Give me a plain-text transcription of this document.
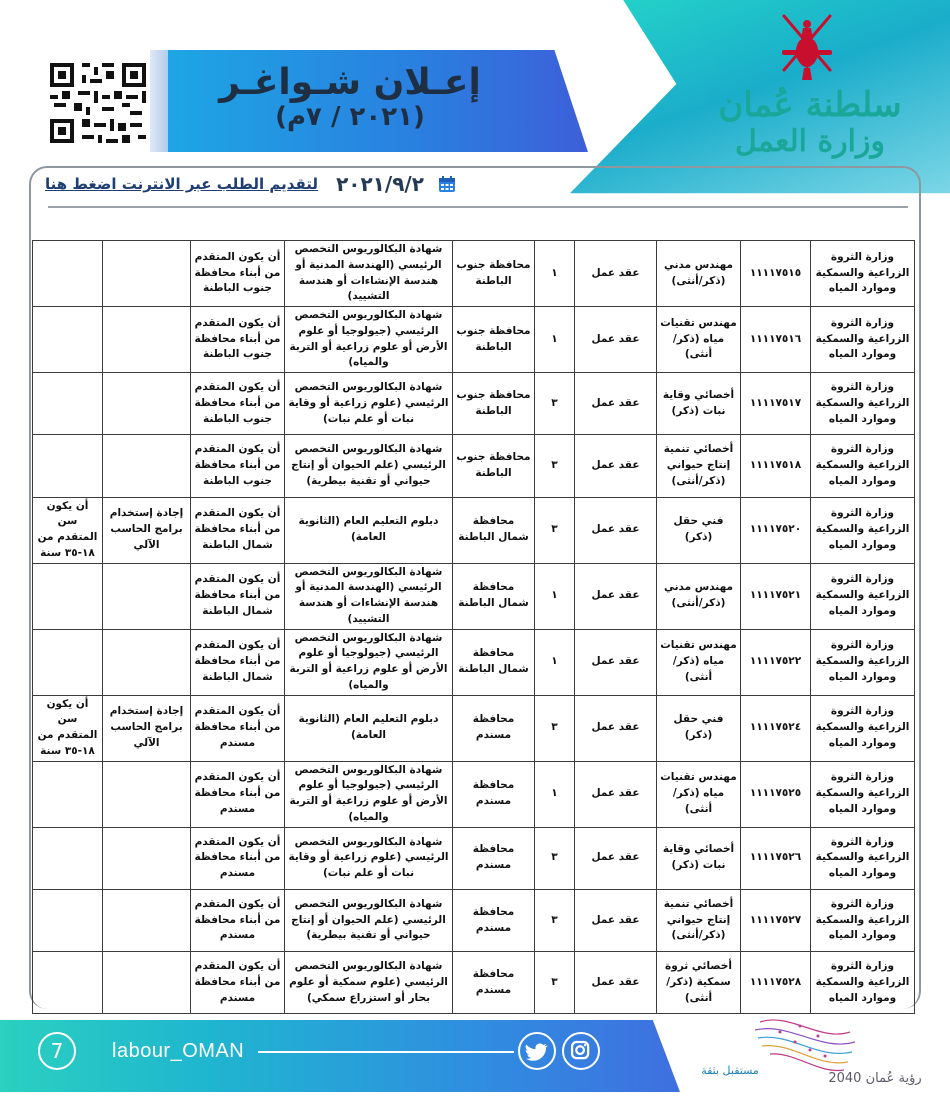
إعـلان شـواغـر
(٢٠٢١ / ٧م)	سلطنة عُمان
وزارة العمل
٢٠٢١/٩/٢
لتقديم الطلب عبر الانترنت اضغط هنا
وزارة الثروة الزراعية والسمكية وموارد المياه	١١١١٧٥١٥	مهندس مدني (ذكر/أنثى)	عقد عمل	١	محافظة جنوب الباطنة	شهادة البكالوريوس التخصص الرئيسي (الهندسة المدنية أو هندسة الإنشاءات أو هندسة التشييد)	أن يكون المتقدم من أبناء محافظة جنوب الباطنة		
وزارة الثروة الزراعية والسمكية وموارد المياه	١١١١٧٥١٦	مهندس تقنيات مياه (ذكر/أنثى)	عقد عمل	١	محافظة جنوب الباطنة	شهادة البكالوريوس التخصص الرئيسي (جيولوجيا أو علوم الأرض أو علوم زراعية أو التربة والمياه)	أن يكون المتقدم من أبناء محافظة جنوب الباطنة		
وزارة الثروة الزراعية والسمكية وموارد المياه	١١١١٧٥١٧	أخصائي وقاية نبات (ذكر)	عقد عمل	٣	محافظة جنوب الباطنة	شهادة البكالوريوس التخصص الرئيسي (علوم زراعية أو وقاية نبات أو علم نبات)	أن يكون المتقدم من أبناء محافظة جنوب الباطنة		
وزارة الثروة الزراعية والسمكية وموارد المياه	١١١١٧٥١٨	أخصائي تنمية إنتاج حيواني (ذكر/أنثى)	عقد عمل	٣	محافظة جنوب الباطنة	شهادة البكالوريوس التخصص الرئيسي (علم الحيوان أو إنتاج حيواني أو تقنية بيطرية)	أن يكون المتقدم من أبناء محافظة جنوب الباطنة		
وزارة الثروة الزراعية والسمكية وموارد المياه	١١١١٧٥٢٠	فني حقل (ذكر)	عقد عمل	٣	محافظة شمال الباطنة	دبلوم التعليم العام (الثانوية العامة)	أن يكون المتقدم من أبناء محافظة شمال الباطنة	إجادة إستخدام برامج الحاسب الآلي	أن يكون سن المتقدم من ١٨-٣٥ سنة
وزارة الثروة الزراعية والسمكية وموارد المياه	١١١١٧٥٢١	مهندس مدني (ذكر/أنثى)	عقد عمل	١	محافظة شمال الباطنة	شهادة البكالوريوس التخصص الرئيسي (الهندسة المدنية أو هندسة الإنشاءات أو هندسة التشييد)	أن يكون المتقدم من أبناء محافظة شمال الباطنة		
وزارة الثروة الزراعية والسمكية وموارد المياه	١١١١٧٥٢٢	مهندس تقنيات مياه (ذكر/أنثى)	عقد عمل	١	محافظة شمال الباطنة	شهادة البكالوريوس التخصص الرئيسي (جيولوجيا أو علوم الأرض أو علوم زراعية أو التربة والمياه)	أن يكون المتقدم من أبناء محافظة شمال الباطنة		
وزارة الثروة الزراعية والسمكية وموارد المياه	١١١١٧٥٢٤	فني حقل (ذكر)	عقد عمل	٣	محافظة مسندم	دبلوم التعليم العام (الثانوية العامة)	أن يكون المتقدم من أبناء محافظة مسندم	إجادة إستخدام برامج الحاسب الآلي	أن يكون سن المتقدم من ١٨-٣٥ سنة
وزارة الثروة الزراعية والسمكية وموارد المياه	١١١١٧٥٢٥	مهندس تقنيات مياه (ذكر/أنثى)	عقد عمل	١	محافظة مسندم	شهادة البكالوريوس التخصص الرئيسي (جيولوجيا أو علوم الأرض أو علوم زراعية أو التربة والمياه)	أن يكون المتقدم من أبناء محافظة مسندم		
وزارة الثروة الزراعية والسمكية وموارد المياه	١١١١٧٥٢٦	أخصائي وقاية نبات (ذكر)	عقد عمل	٣	محافظة مسندم	شهادة البكالوريوس التخصص الرئيسي (علوم زراعية أو وقاية نبات أو علم نبات)	أن يكون المتقدم من أبناء محافظة مسندم		
وزارة الثروة الزراعية والسمكية وموارد المياه	١١١١٧٥٢٧	أخصائي تنمية إنتاج حيواني (ذكر/أنثى)	عقد عمل	٣	محافظة مسندم	شهادة البكالوريوس التخصص الرئيسي (علم الحيوان أو إنتاج حيواني أو تقنية بيطرية)	أن يكون المتقدم من أبناء محافظة مسندم		
وزارة الثروة الزراعية والسمكية وموارد المياه	١١١١٧٥٢٨	أخصائي ثروة سمكية (ذكر/أنثى)	عقد عمل	٣	محافظة مسندم	شهادة البكالوريوس التخصص الرئيسي (علوم سمكية أو علوم بحار أو استزراع سمكي)	أن يكون المتقدم من أبناء محافظة مسندم		
7	labour_OMAN
رؤية عُمان 2040
مستقبل بثقة
